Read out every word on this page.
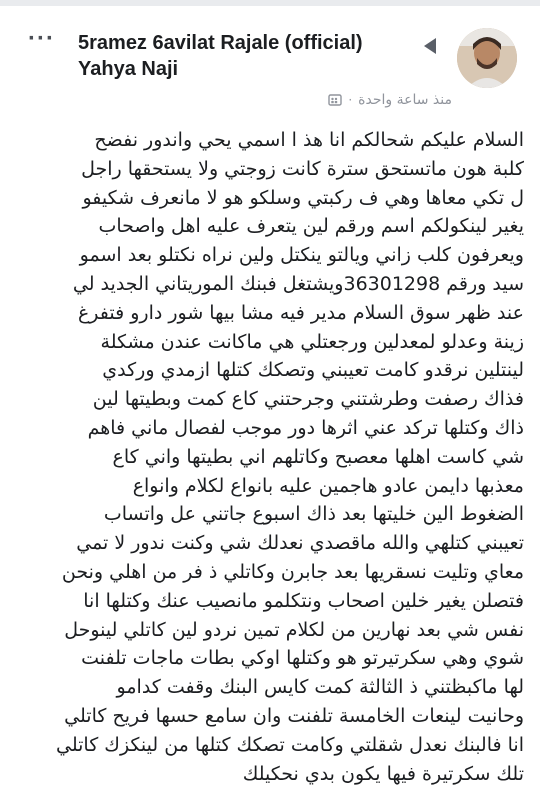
··· 5ramez 6avilat Rajale (official)
Yahya Naji
منذ ساعة واحدة
·
السلام عليكم شحالكم انا هذ ا اسمي يحي واندور نفضح
كلبة هون ماتستحق سترة كانت زوجتي ولا يستحقها راجل
ل تكي معاها وهي ف ركبتي وسلكو هو لا مانعرف شكيفو
يغير لينكولكم اسم ورقم لين يتعرف عليه اهل واصحاب
ويعرفون كلب زاني ويالتو ينكتل ولين نراه نكتلو بعد اسمو
سيد ورقم 36301298ويشتغل فبنك الموريتاني الجديد لي
عند ظهر سوق السلام مدير فيه مشا بيها شور دارو فتفرغ
زينة وعدلو لمعدلين ورجعتلي هي ماكانت عندن مشكلة
لينتلين نرقدو كامت تعيبني وتصكك كتلها ازمدي وركدي
فذاك رصفت وطرشتني وجرحتني كاع كمت وبطيتها لين
ذاك وكتلها تركد عني اثرها دور موجب لفصال ماني فاهم
شي كاست اهلها معصبح وكاتلهم اني بطيتها واني كاع
معذبها دايمن عادو هاجمين عليه بانواع لكلام وانواع
الضغوط الين خليتها بعد ذاك اسبوع جاتني عل واتساب
تعيبني كتلهي والله ماقصدي نعدلك شي وكنت ندور لا تمي
معاي وتليت نسقريها بعد جابرن وكاتلي ذ فر من اهلي ونحن
فتصلن يغير خلين اصحاب ونتكلمو مانصيب عنك وكتلها انا
نفس شي بعد نهارين من لكلام تمين نردو لين كاتلي لينوحل
شوي وهي سكرتيرتو هو وكتلها اوكي بطات ماجات تلفنت
لها ماكبظتني ذ الثالثة كمت كايس البنك وقفت كدامو
وحانيت لينعات الخامسة تلفنت وان سامع حسها فريح كاتلي
انا فالبنك نعدل شقلتي وكامت تصكك كتلها من لينكزك كاتلي
تلك سكرتيرة فيها يكون بدي نحكيلك
